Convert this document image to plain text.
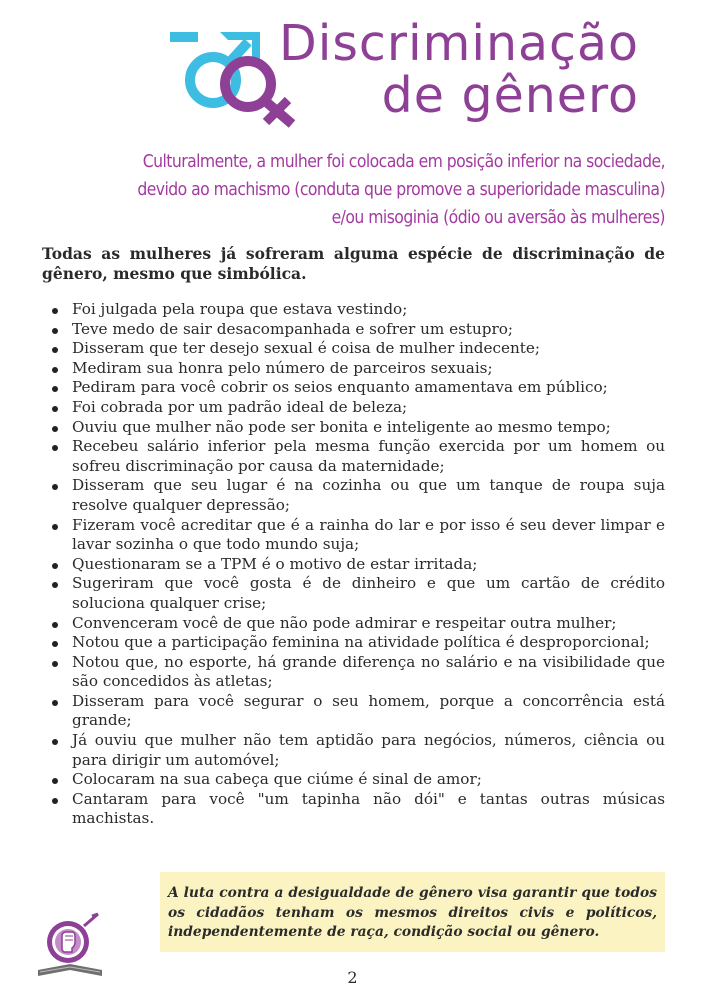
Discriminação
de gênero
Culturalmente, a mulher foi colocada em posição inferior na sociedade,
devido ao machismo (conduta que promove a superioridade masculina)
e/ou misoginia (ódio ou aversão às mulheres)
Todas as mulheres já sofreram alguma espécie de discriminação de gênero, mesmo que simbólica.
Foi julgada pela roupa que estava vestindo;
Teve medo de sair desacompanhada e sofrer um estupro;
Disseram que ter desejo sexual é coisa de mulher indecente;
Mediram sua honra pelo número de parceiros sexuais;
Pediram para você cobrir os seios enquanto amamentava em público;
Foi cobrada por um padrão ideal de beleza;
Ouviu que mulher não pode ser bonita e inteligente ao mesmo tempo;
Recebeu salário inferior pela mesma função exercida por um homem ou sofreu discriminação por causa da maternidade;
Disseram que seu lugar é na cozinha ou que um tanque de roupa suja resolve qualquer depressão;
Fizeram você acreditar que é a rainha do lar e por isso é seu dever limpar e lavar sozinha o que todo mundo suja;
Questionaram se a TPM é o motivo de estar irritada;
Sugeriram que você gosta é de dinheiro e que um cartão de crédito soluciona qualquer crise;
Convenceram você de que não pode admirar e respeitar outra mulher;
Notou que a participação feminina na atividade política é desproporcional;
Notou que, no esporte, há grande diferença no salário e na visibilidade que são concedidos às atletas;
Disseram para você segurar o seu homem, porque a concorrência está grande;
Já ouviu que mulher não tem aptidão para negócios, números, ciência ou para dirigir um automóvel;
Colocaram na sua cabeça que ciúme é sinal de amor;
Cantaram para você "um tapinha não dói" e tantas outras músicas machistas.
A luta contra a desigualdade de gênero visa garantir que todos os cidadãos tenham os mesmos direitos civis e políticos, independentemente de raça, condição social ou gênero.
2
